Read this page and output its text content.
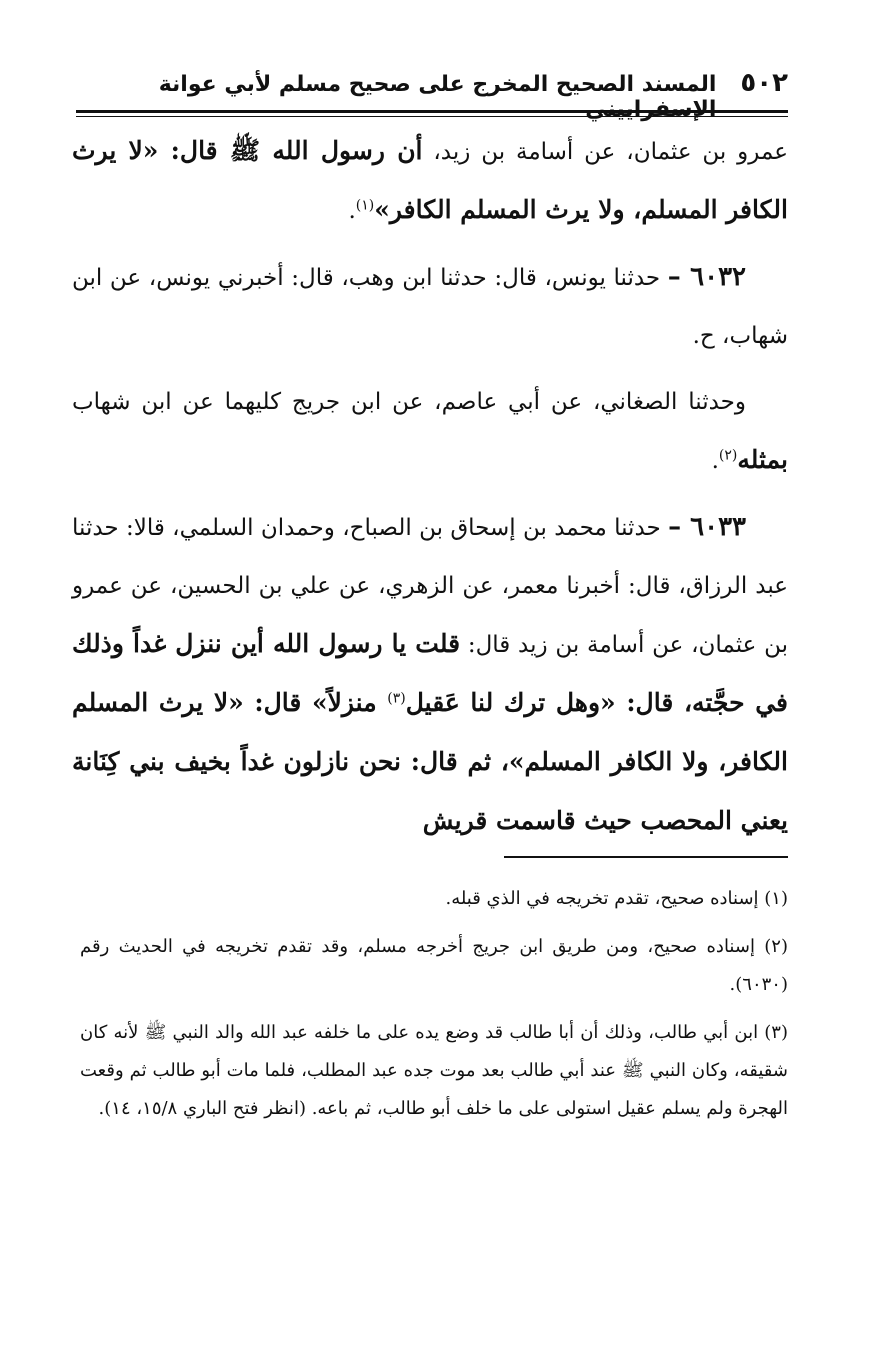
٥٠٢
المسند الصحيح المخرج على صحيح مسلم لأبي عوانة الإسفراييني

عمرو بن عثمان، عن أسامة بن زيد، أن رسول الله ﷺ قال: «لا يرث الكافر المسلم، ولا يرث المسلم الكافر»$^{(١)}$.

٦٠٣٢ – حدثنا يونس، قال: حدثنا ابن وهب، قال: أخبرني يونس، عن ابن شهاب، ح.

وحدثنا الصغاني، عن أبي عاصم، عن ابن جريج كليهما عن ابن شهاب بمثله$^{(٢)}$.

٦٠٣٣ – حدثنا محمد بن إسحاق بن الصباح، وحمدان السلمي، قالا: حدثنا عبد الرزاق، قال: أخبرنا معمر، عن الزهري، عن علي بن الحسين، عن عمرو بن عثمان، عن أسامة بن زيد قال: قلت يا رسول الله أين ننزل غداً وذلك في حجَّته، قال: «وهل ترك لنا عَقيل$^{(٣)}$ منزلاً» قال: «لا يرث المسلم الكافر، ولا الكافر المسلم»، ثم قال: نحن نازلون غداً بخيف بني كِنَانة يعني المحصب حيث قاسمت قريش

(١) إسناده صحيح، تقدم تخريجه في الذي قبله.

(٢) إسناده صحيح، ومن طريق ابن جريج أخرجه مسلم، وقد تقدم تخريجه في الحديث رقم (٦٠٣٠).

(٣) ابن أبي طالب، وذلك أن أبا طالب قد وضع يده على ما خلفه عبد الله والد النبي ﷺ لأنه كان شقيقه، وكان النبي ﷺ عند أبي طالب بعد موت جده عبد المطلب، فلما مات أبو طالب ثم وقعت الهجرة ولم يسلم عقيل استولى على ما خلف أبو طالب، ثم باعه. (انظر فتح الباري ١٥/٨، ١٤).
